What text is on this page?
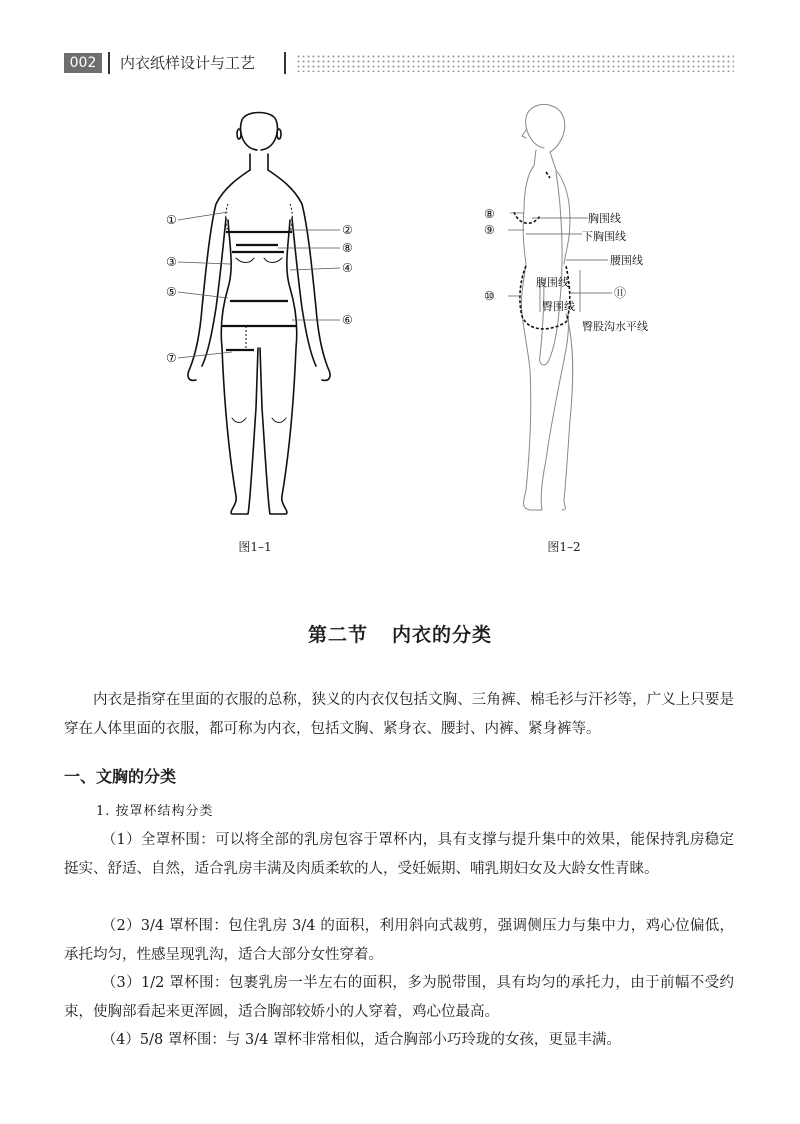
002	内衣纸样设计与工艺
①
②
⑧
③	④
⑤
⑥
⑦
图1–1
⑧
⑨
⑩	⑪
胸围线
下胸围线
腰围线
腹围线
臀围线
臀股沟水平线
图1–2
第二节 内衣的分类

内衣是指穿在里面的衣服的总称，狭义的内衣仅包括文胸、三角裤、棉毛衫与汗衫等，广义上只要是穿在人体里面的衣服，都可称为内衣，包括文胸、紧身衣、腰封、内裤、紧身裤等。

一、文胸的分类
1. 按罩杯结构分类

（1）全罩杯围：可以将全部的乳房包容于罩杯内，具有支撑与提升集中的效果，能保持乳房稳定挺实、舒适、自然，适合乳房丰满及肉质柔软的人，受妊娠期、哺乳期妇女及大龄女性青睐。

（2）3/4 罩杯围：包住乳房 3/4 的面积，利用斜向式裁剪，强调侧压力与集中力，鸡心位偏低，承托均匀，性感呈现乳沟，适合大部分女性穿着。

（3）1/2 罩杯围：包裹乳房一半左右的面积，多为脱带围，具有均匀的承托力，由于前幅不受约束，使胸部看起来更浑圆，适合胸部较娇小的人穿着，鸡心位最高。

（4）5/8 罩杯围：与 3/4 罩杯非常相似，适合胸部小巧玲珑的女孩，更显丰满。
